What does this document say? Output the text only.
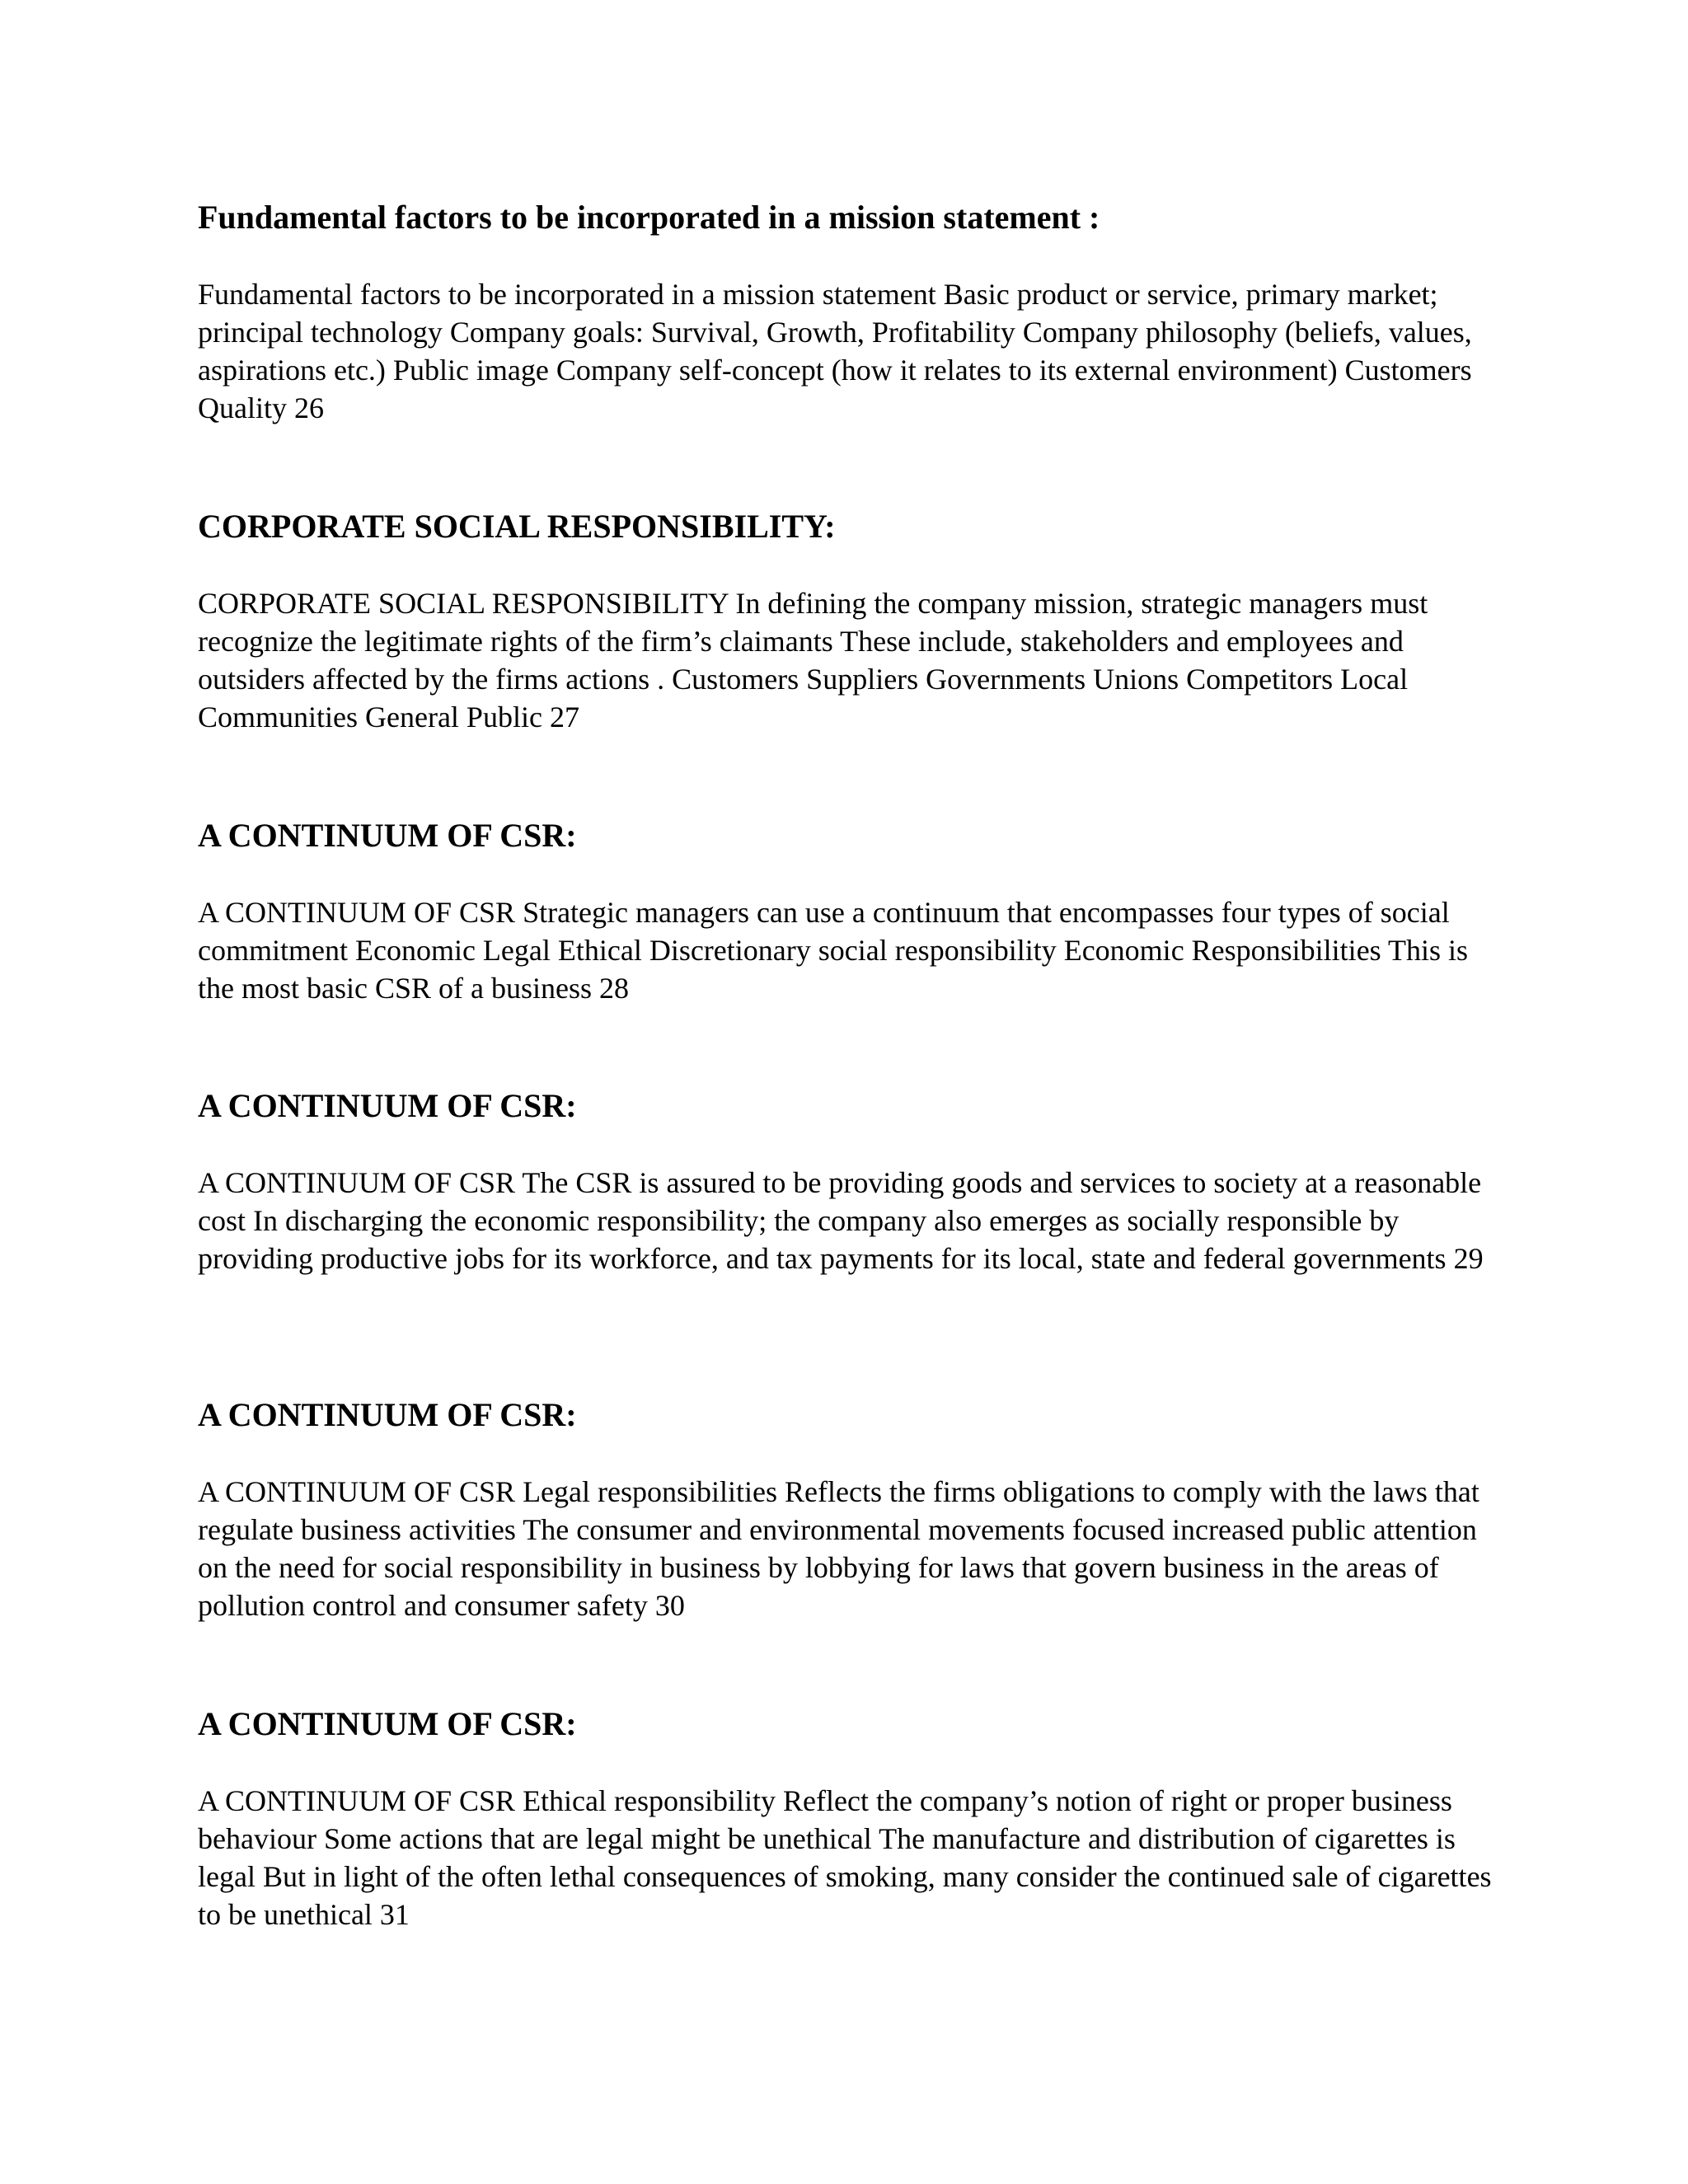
Fundamental factors to be incorporated in a mission statement :

Fundamental factors to be incorporated in a mission statement Basic product or service, primary market; principal technology Company goals: Survival, Growth, Profitability Company philosophy (beliefs, values, aspirations etc.) Public image Company self-concept (how it relates to its external environment) Customers Quality 26

CORPORATE SOCIAL RESPONSIBILITY:

CORPORATE SOCIAL RESPONSIBILITY In defining the company mission, strategic managers must recognize the legitimate rights of the firm’s claimants These include, stakeholders and employees and outsiders affected by the firms actions . Customers Suppliers Governments Unions Competitors Local Communities General Public 27

A CONTINUUM OF CSR:

A CONTINUUM OF CSR Strategic managers can use a continuum that encompasses four types of social commitment Economic Legal Ethical Discretionary social responsibility Economic Responsibilities This is the most basic CSR of a business 28

A CONTINUUM OF CSR:

A CONTINUUM OF CSR The CSR is assured to be providing goods and services to society at a reasonable cost In discharging the economic responsibility; the company also emerges as socially responsible by providing productive jobs for its workforce, and tax payments for its local, state and federal governments 29

A CONTINUUM OF CSR:

A CONTINUUM OF CSR Legal responsibilities Reflects the firms obligations to comply with the laws that regulate business activities The consumer and environmental movements focused increased public attention on the need for social responsibility in business by lobbying for laws that govern business in the areas of pollution control and consumer safety 30

A CONTINUUM OF CSR:

A CONTINUUM OF CSR Ethical responsibility Reflect the company’s notion of right or proper business behaviour Some actions that are legal might be unethical The manufacture and distribution of cigarettes is legal But in light of the often lethal consequences of smoking, many consider the continued sale of cigarettes to be unethical 31
